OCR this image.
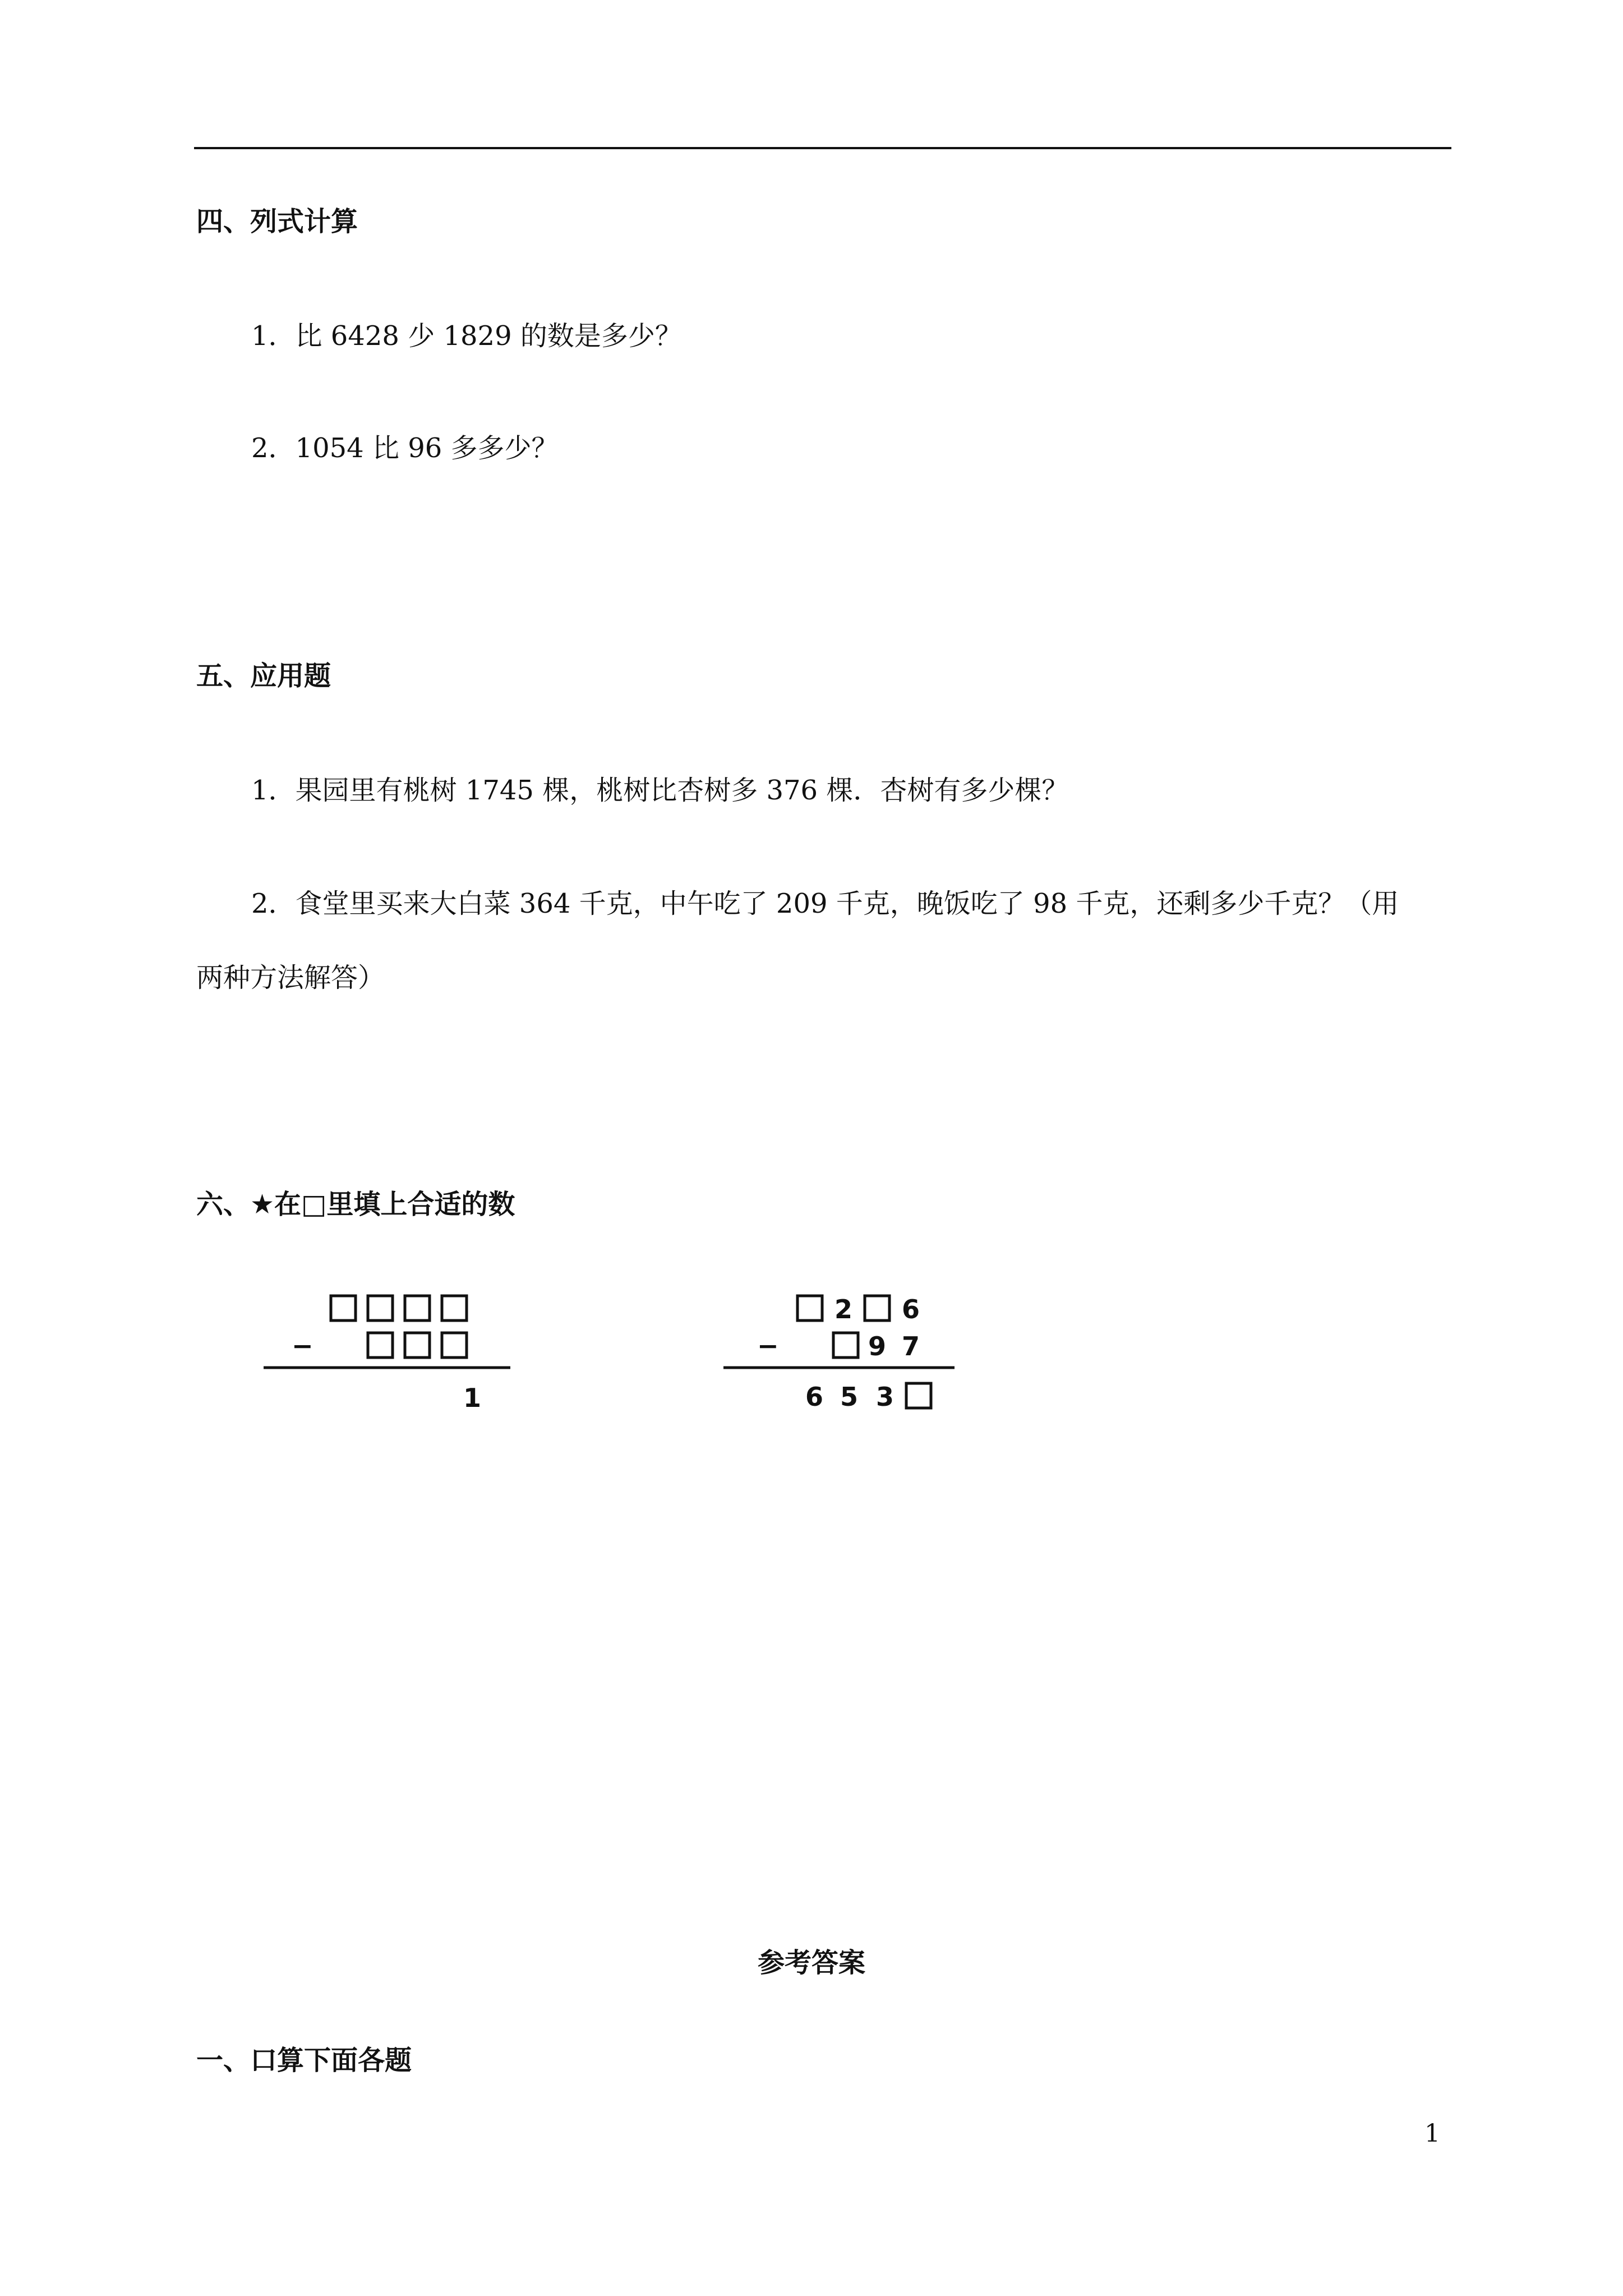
四、列式计算
1．比 6428 少 1829 的数是多少？
2．1054 比 96 多多少？
五、应用题
1．果园里有桃树 1745 棵，桃树比杏树多 376 棵．杏树有多少棵？
2．食堂里买来大白菜 364 千克，中午吃了 209 千克，晚饭吃了 98 千克，还剩多少千克？（用
两种方法解答）
六、★在□里填上合适的数
−
1
2 6
−	9 7
6 5 3
参考答案
一、口算下面各题
1
